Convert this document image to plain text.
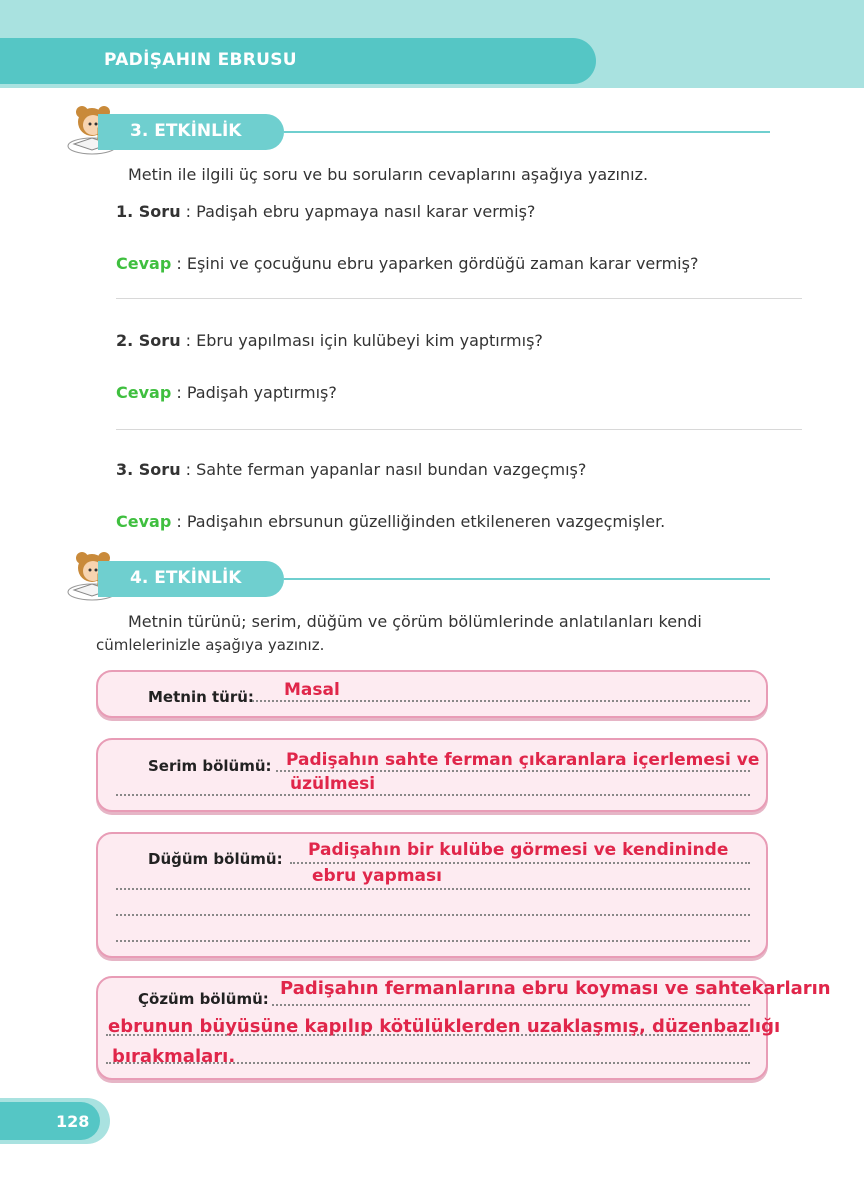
PADİŞAHIN EBRUSU
3. ETKİNLİK
Metin ile ilgili üç soru ve bu soruların cevaplarını aşağıya yazınız.
1. Soru : Padişah ebru yapmaya nasıl karar vermiş?
Cevap : Eşini ve çocuğunu ebru yaparken gördüğü zaman karar vermiş?
2. Soru : Ebru yapılması için kulübeyi kim yaptırmış?
Cevap : Padişah yaptırmış?
3. Soru : Sahte ferman yapanlar nasıl bundan vazgeçmış?
Cevap : Padişahın ebrsunun güzelliğinden etkileneren vazgeçmişler.
4. ETKİNLİK
Metnin türünü; serim, düğüm ve çörüm bölümlerinde anlatılanları kendi
cümlelerinizle aşağıya yazınız.
Metnin türü: Masal
Serim bölümü: Padişahın sahte ferman çıkaranlara içerlemesi ve
üzülmesi
Düğüm bölümü: Padişahın bir kulübe görmesi ve kendininde
ebru yapması
Çözüm bölümü: Padişahın fermanlarına ebru koyması ve sahtekarların
ebrunun büyüsüne kapılıp kötülüklerden uzaklaşmış, düzenbazlığı
bırakmaları.
128
